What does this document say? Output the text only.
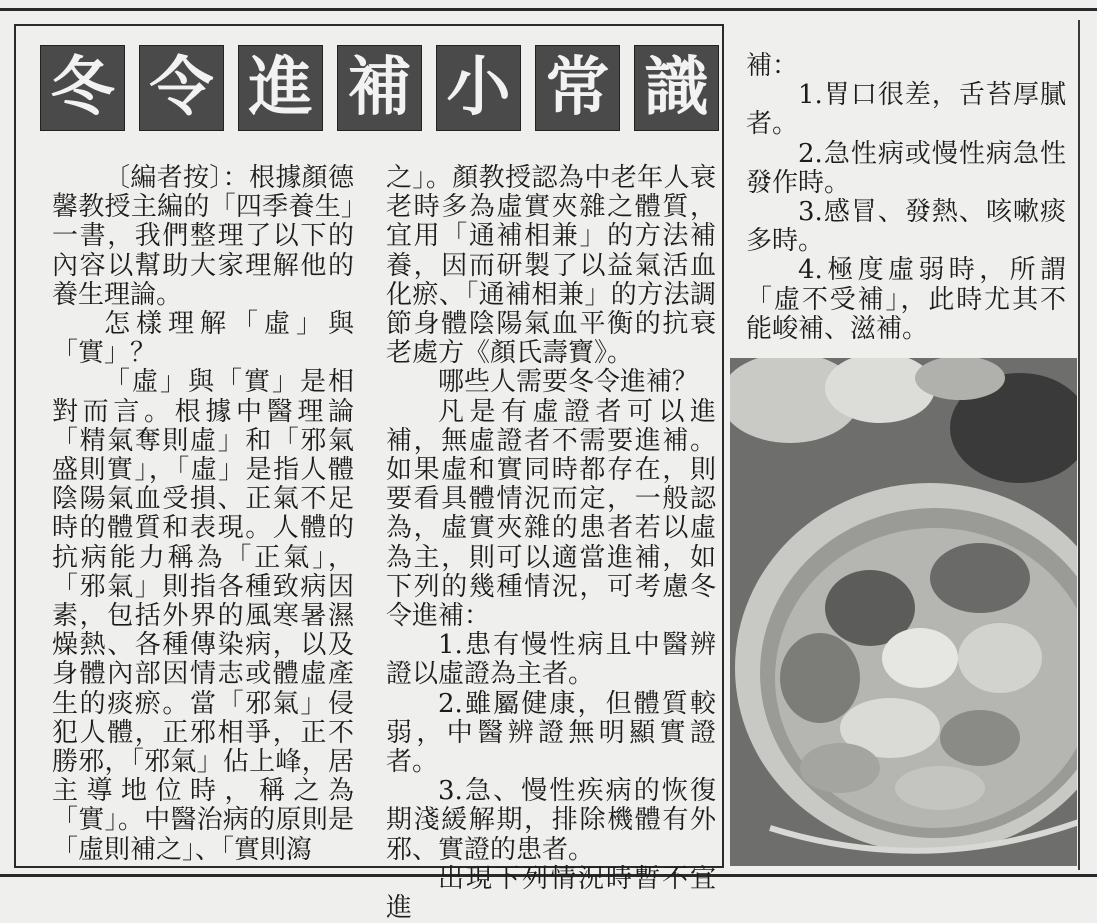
冬 令 進 補 小 常 識

〔編者按〕：根據顏德馨教授主編的「四季養生」一書，我們整理了以下的內容以幫助大家理解他的養生理論。

怎樣理解「虛」與「實」？

「虛」與「實」是相對而言。根據中醫理論「精氣奪則虛」和「邪氣盛則實」，「虛」是指人體陰陽氣血受損、正氣不足時的體質和表現。人體的抗病能力稱為「正氣」，「邪氣」則指各種致病因素，包括外界的風寒暑濕燥熱、各種傳染病，以及身體內部因情志或體虛產生的痰瘀。當「邪氣」侵犯人體，正邪相爭，正不勝邪，「邪氣」佔上峰，居主導地位時，稱之為「實」。中醫治病的原則是「虛則補之」、「實則瀉

之」。顏教授認為中老年人衰老時多為虛實夾雜之體質，宜用「通補相兼」的方法補養，因而研製了以益氣活血化瘀、「通補相兼」的方法調節身體陰陽氣血平衡的抗衰老處方《顏氏壽寶》。

哪些人需要冬令進補？

凡是有虛證者可以進補，無虛證者不需要進補。如果虛和實同時都存在，則要看具體情況而定，一般認為，虛實夾雜的患者若以虛為主，則可以適當進補，如下列的幾種情況，可考慮冬令進補：

1.患有慢性病且中醫辨證以虛證為主者。

2.雖屬健康，但體質較弱，中醫辨證無明顯實證者。

3.急、慢性疾病的恢復期淺緩解期，排除機體有外邪、實證的患者。

出現下列情況時暫不宜進

補：

1.胃口很差，舌苔厚膩者。

2.急性病或慢性病急性發作時。

3.感冒、發熱、咳嗽痰多時。

4.極度虛弱時，所謂「虛不受補」，此時尤其不能峻補、滋補。
